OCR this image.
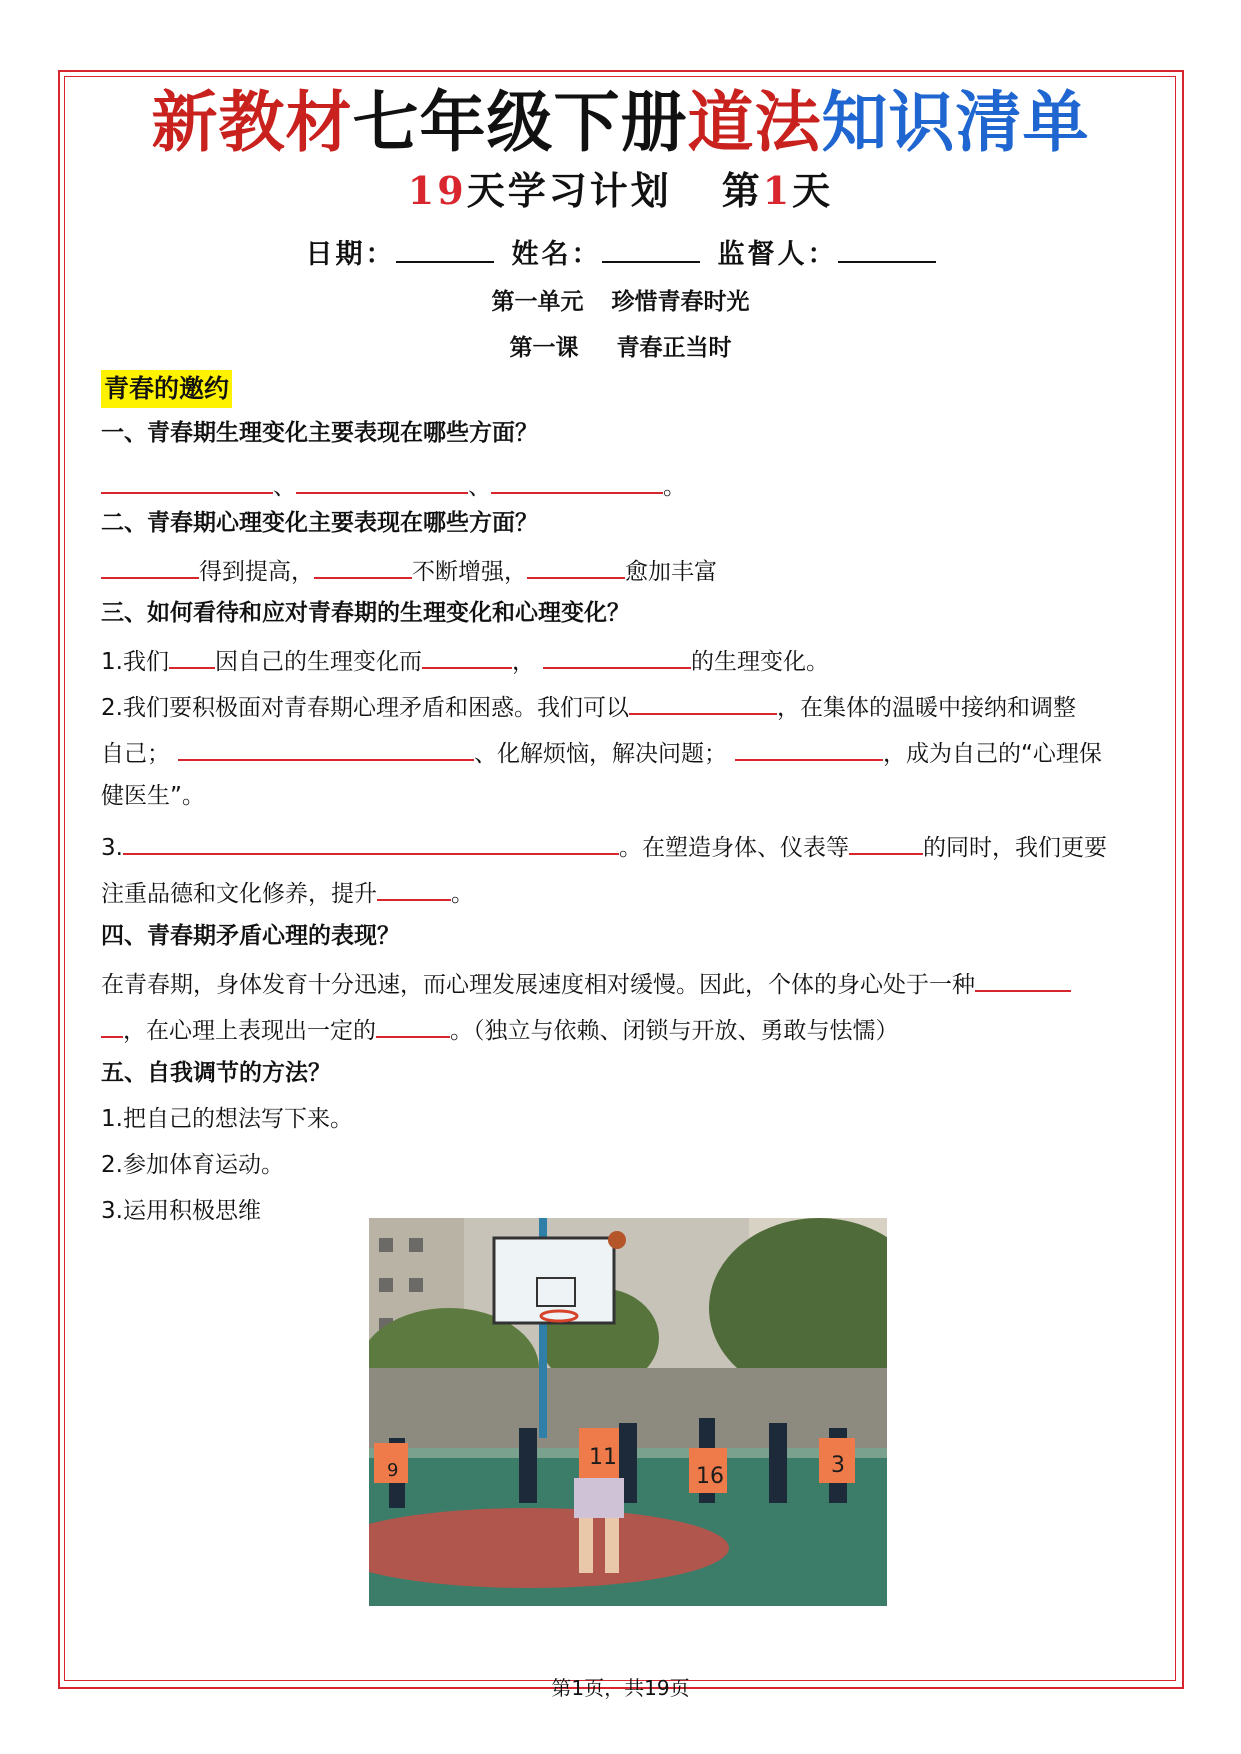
新教材七年级下册道法知识清单
19天学习计划 第1天
日期：	姓名：	监督人：
第一单元 珍惜青春时光
第一课 青春正当时
青春的邀约
一、青春期生理变化主要表现在哪些方面？
、	、	。
二、青春期心理变化主要表现在哪些方面？
得到提高，	不断增强，	愈加丰富
三、如何看待和应对青春期的生理变化和心理变化？
1.我们 因自己的生理变化而	，	的生理变化。
2.我们要积极面对青春期心理矛盾和困惑。我们可以	，在集体的温暖中接纳和调整
自己；	、化解烦恼，解决问题；	，成为自己的“心理保
健医生”。
3.	。在塑造身体、仪表等	的同时，我们更要
注重品德和文化修养，提升	。
四、青春期矛盾心理的表现？
在青春期，身体发育十分迅速，而心理发展速度相对缓慢。因此，个体的身心处于一种
，在心理上表现出一定的	。（独立与依赖、闭锁与开放、勇敢与怯懦）
五、自我调节的方法？
1.把自己的想法写下来。
2.参加体育运动。
3.运用积极思维
9
11
16	3
第1页，共19页
